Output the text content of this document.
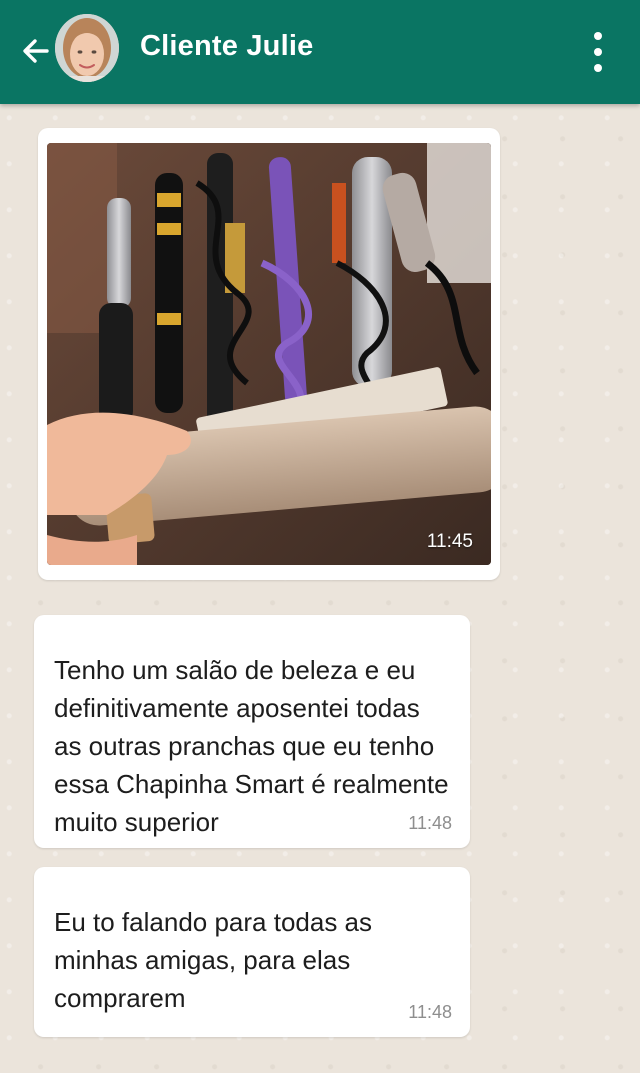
Cliente Julie
11:45
Tenho um salão de beleza e eu definitivamente aposentei todas as outras pranchas que eu tenho essa Chapinha Smart é realmente muito superior	11:48
Eu to falando para todas as minhas amigas, para elas comprarem	11:48
